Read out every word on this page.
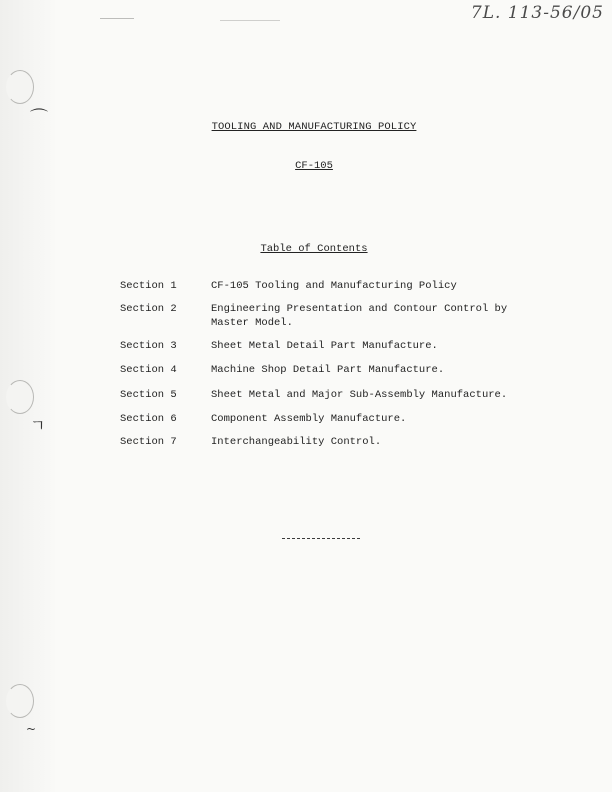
⌒
ㄱ
~
7L. 113-56/05
TOOLING AND MANUFACTURING POLICY
CF-105
Table of Contents
Section 1	CF-105 Tooling and Manufacturing Policy
Section 2	Engineering Presentation and Contour Control by Master Model.
Section 3	Sheet Metal Detail Part Manufacture.
Section 4	Machine Shop Detail Part Manufacture.
Section 5	Sheet Metal and Major Sub-Assembly Manufacture.
Section 6	Component Assembly Manufacture.
Section 7	Interchangeability Control.
